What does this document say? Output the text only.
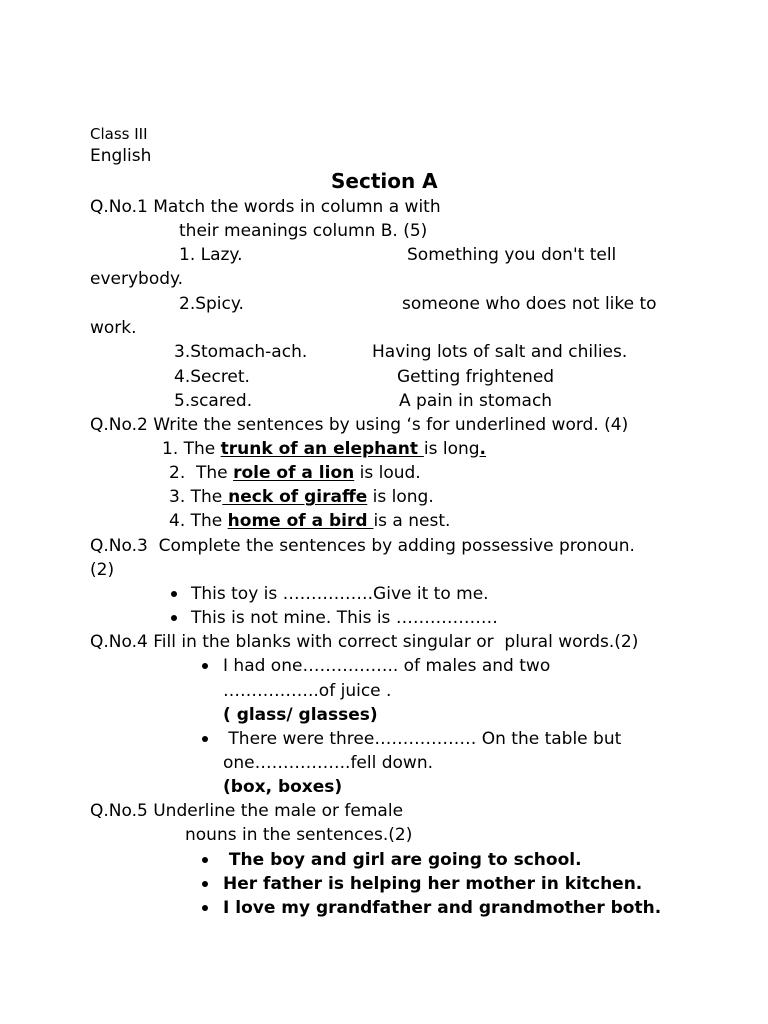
Class III
English
Section A
Q.No.1 Match the words in column a with
their meanings column B. (5)
1. Lazy.	Something you don't tell
everybody.
2.Spicy.	someone who does not like to
work.
3.Stomach-ach.	Having lots of salt and chilies.
4.Secret.	Getting frightened
5.scared.	A pain in stomach
Q.No.2 Write the sentences by using ‘s for underlined word. (4)
1. The trunk of an elephant is long.
2.  The role of a lion is loud.
3. The neck of giraffe is long.
4. The home of a bird is a nest.
Q.No.3  Complete the sentences by adding possessive pronoun.
(2)
This toy is …………….Give it to me.
This is not mine. This is ………………
Q.No.4 Fill in the blanks with correct singular or  plural words.(2)
I had one…………….. of males and two
……………..of juice .
( glass/ glasses)
There were three……………… On the table but
one……………..fell down.
(box, boxes)
Q.No.5 Underline the male or female
nouns in the sentences.(2)
The boy and girl are going to school.
Her father is helping her mother in kitchen.
I love my grandfather and grandmother both.
